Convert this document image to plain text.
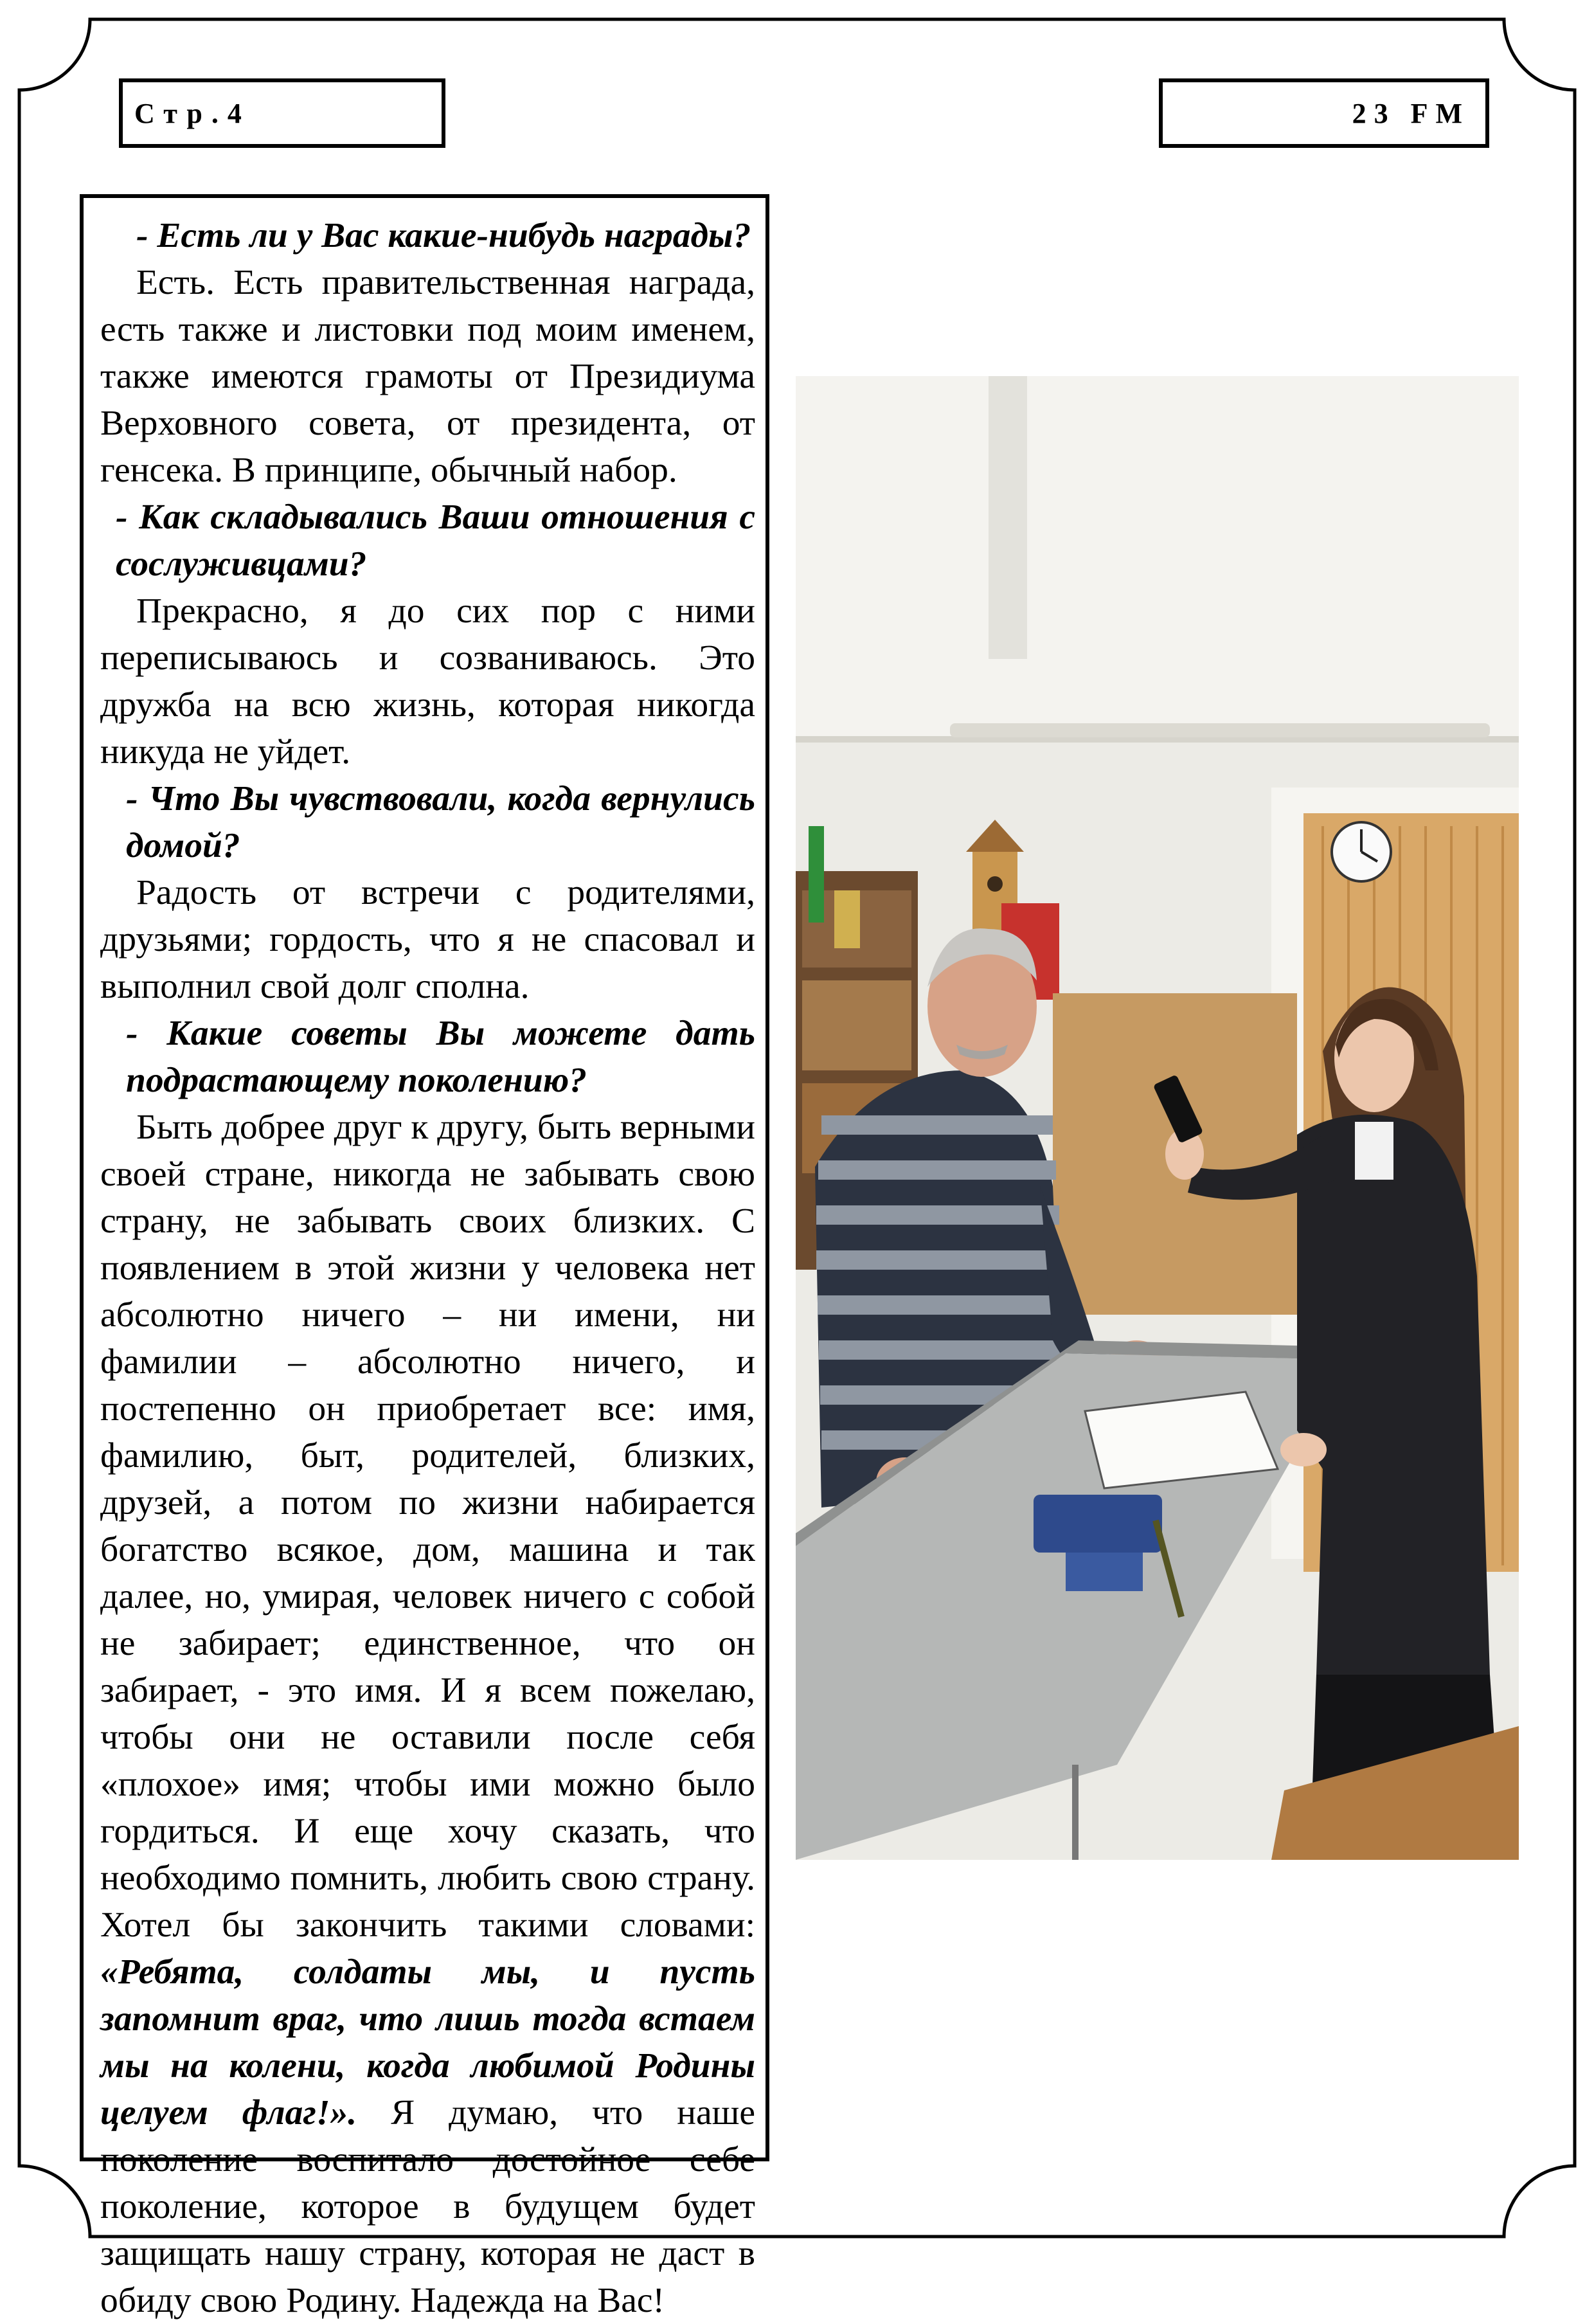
Стр.4	23 FM

- Есть ли у Вас какие-нибудь награды?

Есть. Есть правительственная награда, есть также и листовки под моим именем, также имеются грамоты от Президиума Верховного совета, от президента, от генсека. В принципе, обычный набор.

- Как складывались Ваши отношения с сослуживцами?

Прекрасно, я до сих пор с ними переписываюсь и созваниваюсь. Это дружба на всю жизнь, которая никогда никуда не уйдет.

- Что Вы чувствовали, когда вернулись домой?

Радость от встречи с родителями, друзьями; гордость, что я не спасовал и выполнил свой долг сполна.

- Какие советы Вы можете дать подрастающему поколению?

Быть добрее друг к другу, быть верными своей стране, никогда не забывать свою страну, не забывать своих близких. С появлением в этой жизни у человека нет абсолютно ничего – ни имени, ни фамилии – абсолютно ничего, и постепенно он приобретает все: имя, фамилию, быт, родителей, близких, друзей, а потом по жизни набирается богатство всякое, дом, машина и так далее, но, умирая, человек ничего с собой не забирает; единственное, что он забирает, - это имя. И я всем пожелаю, чтобы они не оставили после себя «плохое» имя; чтобы ими можно было гордиться. И еще хочу сказать, что необходимо помнить, любить свою страну. Хотел бы закончить такими словами: «Ребята, солдаты мы, и пусть запомнит враг, что лишь тогда встаем мы на колени, когда любимой Родины целуем флаг!». Я думаю, что наше поколение воспитало достойное себе поколение, которое в будущем будет защищать нашу страну, которая не даст в обиду свою Родину. Надежда на Вас!
